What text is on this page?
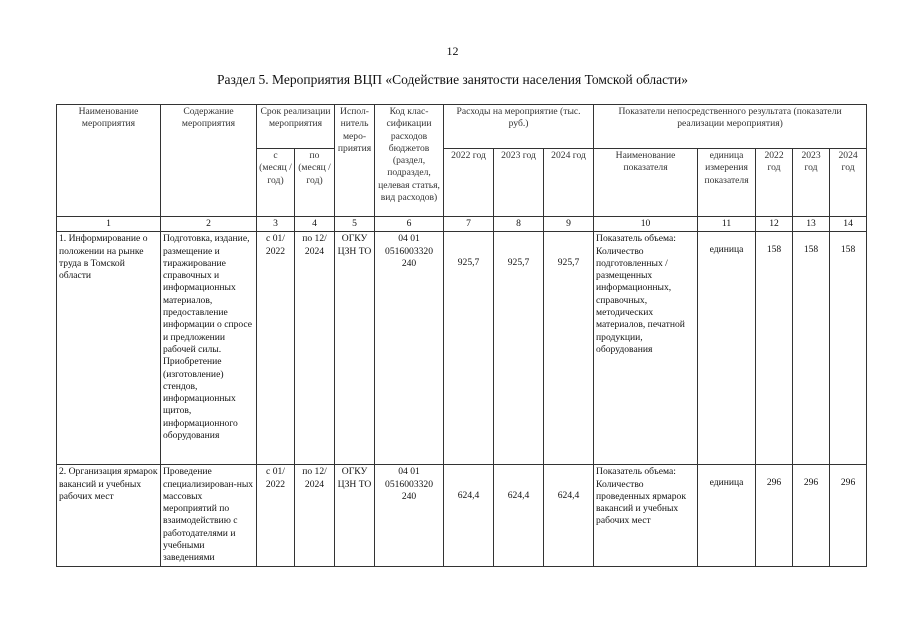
12
Раздел 5. Мероприятия ВЦП «Содействие занятости населения Томской области»
Наименование мероприятия	Содержание мероприятия	Срок реализации мероприятия		Испол-нитель меро-приятия	Код клас-сификации расходов бюджетов (раздел, подраздел, целевая статья, вид расходов)	Расходы на мероприятие (тыс. руб.)			Показатели непосредственного результата (показатели реализации мероприятия)				
		с (месяц / год)	по (месяц / год)			2022 год	2023 год	2024 год	Наименование показателя	единица измерения показателя	2022 год	2023 год	2024 год
1	2	3	4	5	6	7	8	9	10	11	12	13	14
1. Информирование о положении на рынке труда в Томской области	Подготовка, издание, размещение и тиражирование справочных и информационных материалов, предоставление информации о спросе и предложении рабочей силы. Приобретение (изготовление) стендов, информационных щитов, информационного оборудования	с 01/ 2022	по 12/ 2024	ОГКУ ЦЗН ТО	04 01 0516003320 240	925,7	925,7	925,7	Показатель объема: Количество подготовленных / размещенных информационных, справочных, методических материалов, печатной продукции, оборудования	единица	158	158	158
2. Организация ярмарок вакансий и учебных рабочих мест	Проведение специализирован-ных массовых мероприятий по взаимодействию с работодателями и учебными заведениями	с 01/ 2022	по 12/ 2024	ОГКУ ЦЗН ТО	04 01 0516003320 240	624,4	624,4	624,4	Показатель объема: Количество проведенных ярмарок вакансий и учебных рабочих мест	единица	296	296	296
